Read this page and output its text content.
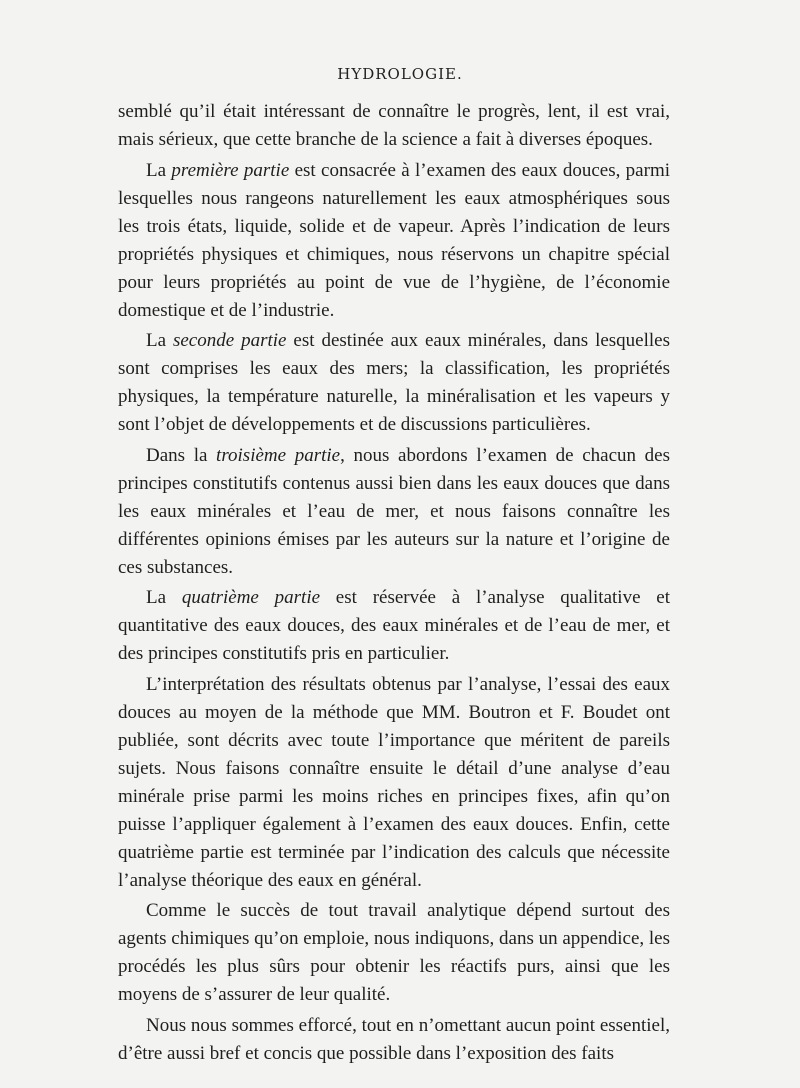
HYDROLOGIE.

semblé qu’il était intéressant de connaître le progrès, lent, il est vrai, mais sérieux, que cette branche de la science a fait à diverses époques.

La première partie est consacrée à l’examen des eaux douces, parmi lesquelles nous rangeons naturellement les eaux atmosphériques sous les trois états, liquide, solide et de vapeur. Après l’indication de leurs propriétés physiques et chimiques, nous réservons un chapitre spécial pour leurs propriétés au point de vue de l’hygiène, de l’économie domestique et de l’industrie.

La seconde partie est destinée aux eaux minérales, dans lesquelles sont comprises les eaux des mers; la classification, les propriétés physiques, la température naturelle, la minéralisation et les vapeurs y sont l’objet de développements et de discussions particulières.

Dans la troisième partie, nous abordons l’examen de chacun des principes constitutifs contenus aussi bien dans les eaux douces que dans les eaux minérales et l’eau de mer, et nous faisons connaître les différentes opinions émises par les auteurs sur la nature et l’origine de ces substances.

La quatrième partie est réservée à l’analyse qualitative et quantitative des eaux douces, des eaux minérales et de l’eau de mer, et des principes constitutifs pris en particulier.

L’interprétation des résultats obtenus par l’analyse, l’essai des eaux douces au moyen de la méthode que MM. Boutron et F. Boudet ont publiée, sont décrits avec toute l’importance que méritent de pareils sujets. Nous faisons connaître ensuite le détail d’une analyse d’eau minérale prise parmi les moins riches en principes fixes, afin qu’on puisse l’appliquer également à l’examen des eaux douces. Enfin, cette quatrième partie est terminée par l’indication des calculs que nécessite l’analyse théorique des eaux en général.

Comme le succès de tout travail analytique dépend surtout des agents chimiques qu’on emploie, nous indiquons, dans un appendice, les procédés les plus sûrs pour obtenir les réactifs purs, ainsi que les moyens de s’assurer de leur qualité.

Nous nous sommes efforcé, tout en n’omettant aucun point essentiel, d’être aussi bref et concis que possible dans l’exposition des faits
